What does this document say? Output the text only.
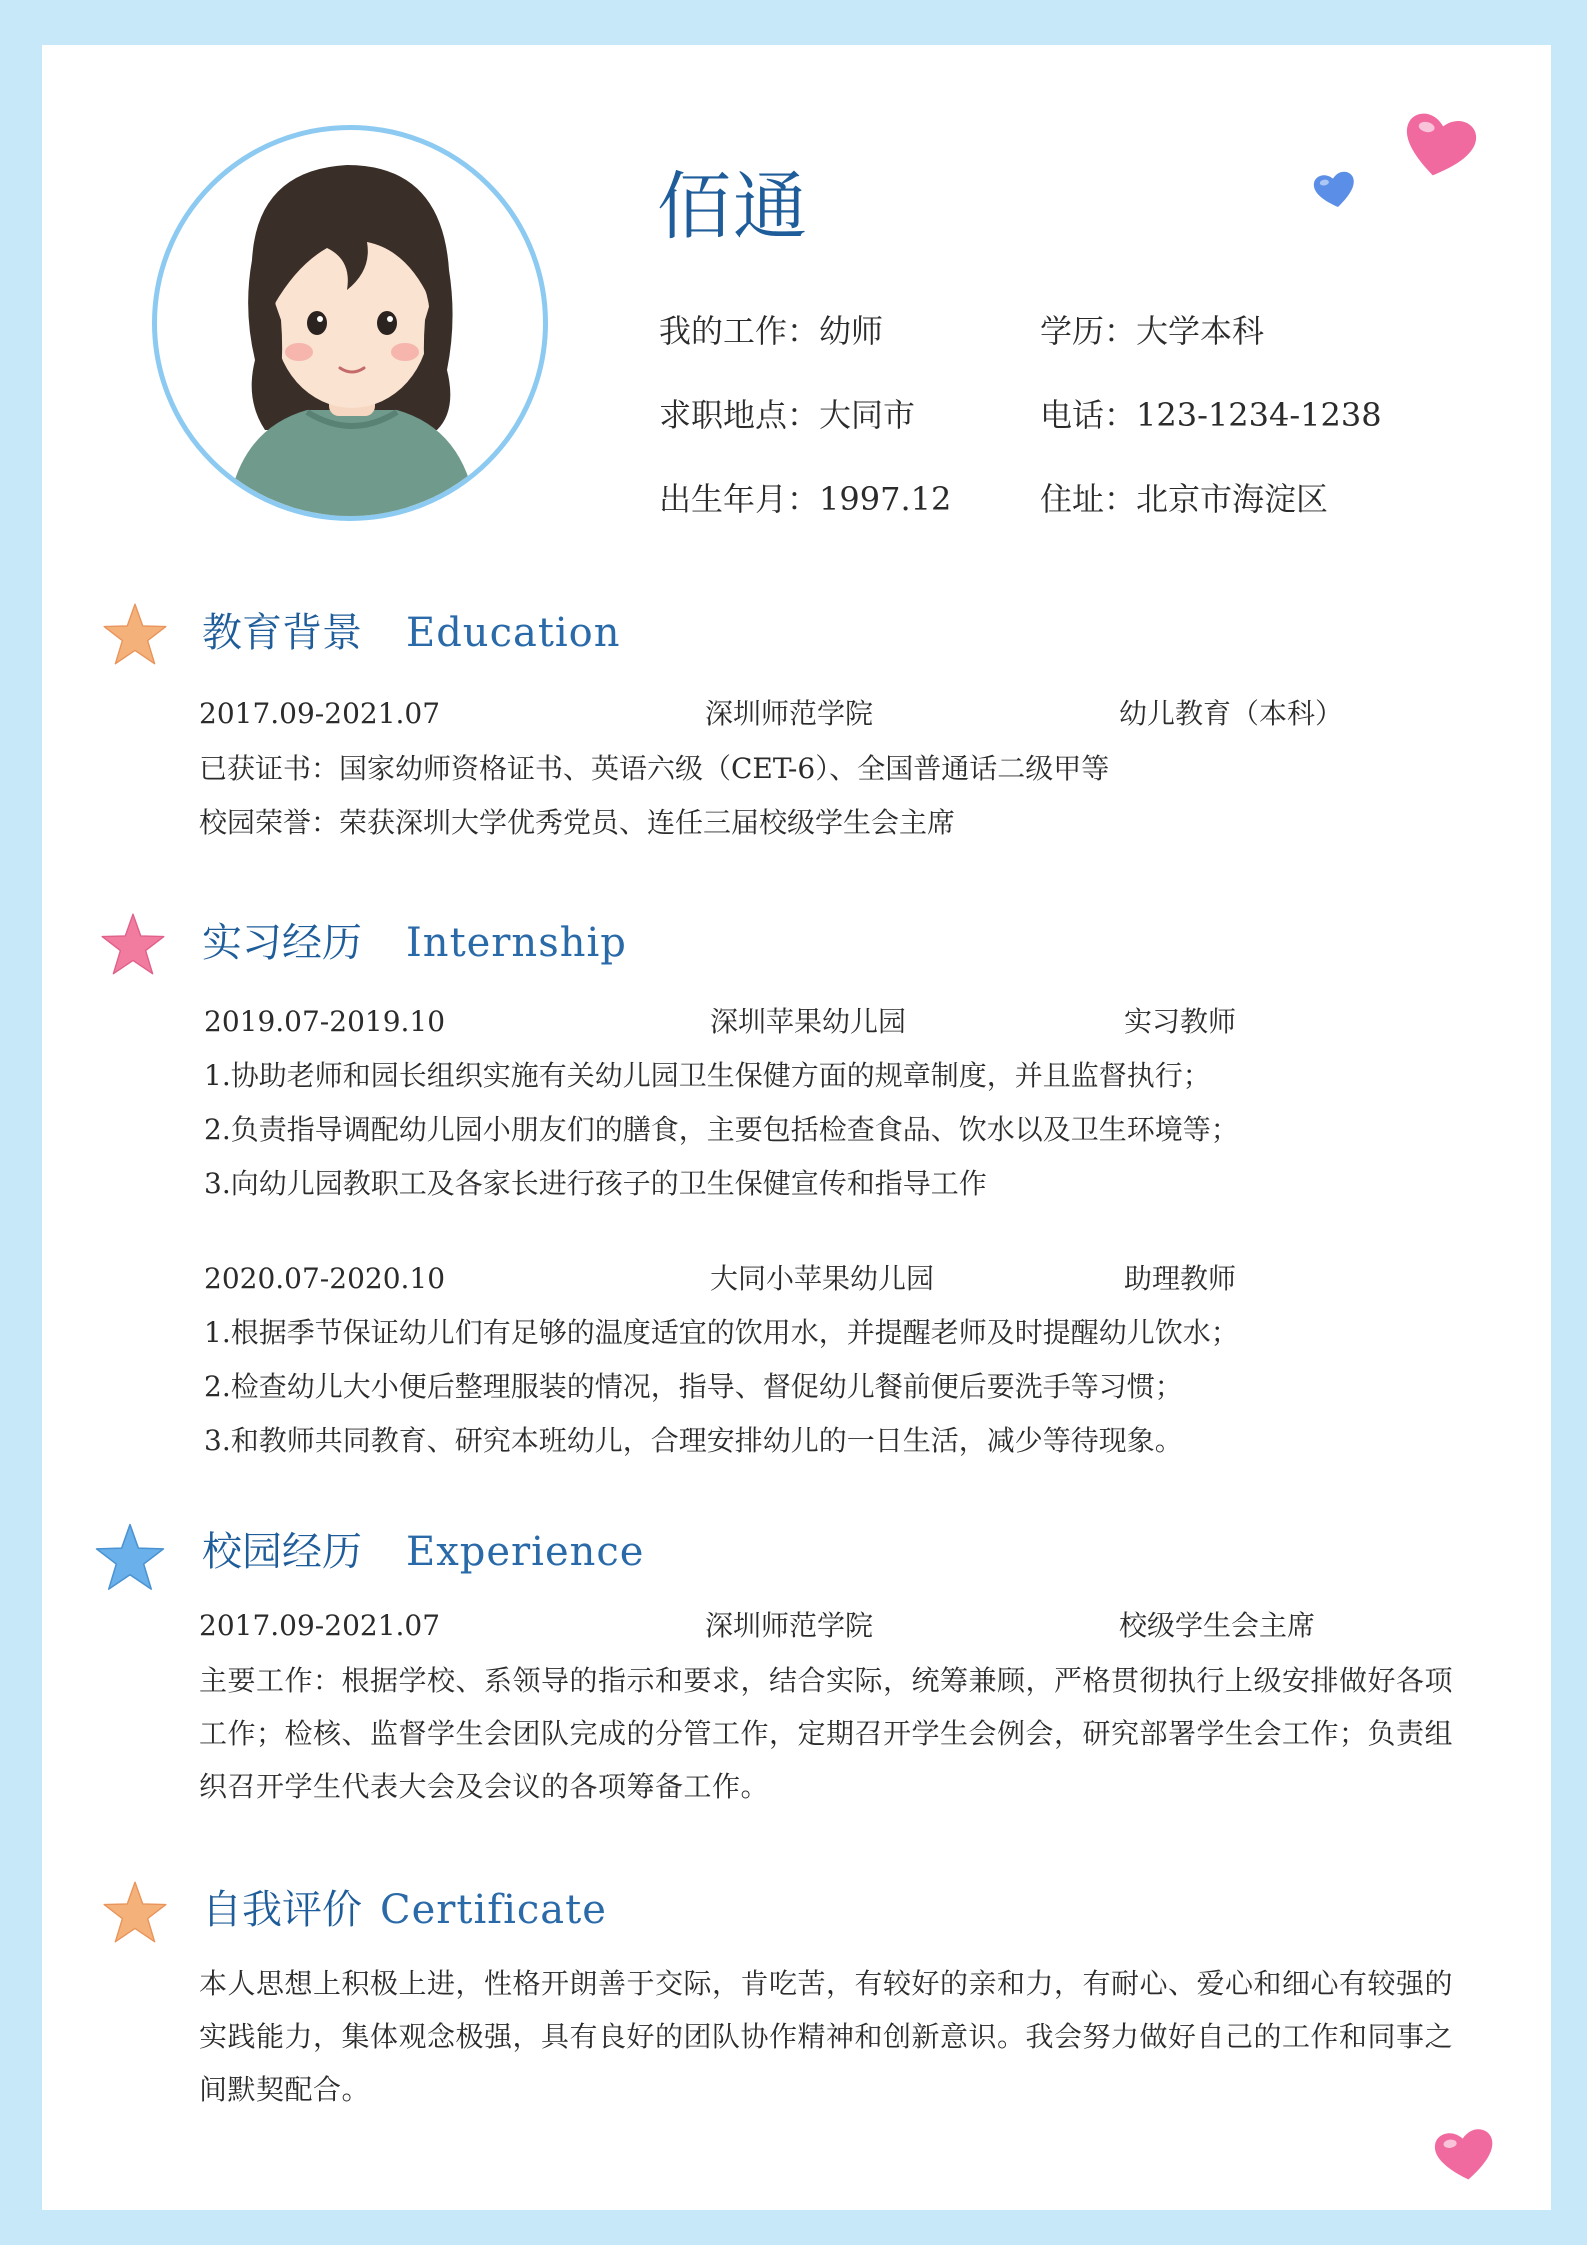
佰通
我的工作：幼师	学历：大学本科
求职地点：大同市	电话：123-1234-1238
出生年月：1997.12	住址：北京市海淀区
教育背景 Education
2017.09-2021.07	深圳师范学院	幼儿教育（本科）
已获证书：国家幼师资格证书、英语六级（CET-6）、全国普通话二级甲等
校园荣誉：荣获深圳大学优秀党员、连任三届校级学生会主席
实习经历 Internship
2019.07-2019.10	深圳苹果幼儿园	实习教师
1.协助老师和园长组织实施有关幼儿园卫生保健方面的规章制度，并且监督执行；
2.负责指导调配幼儿园小朋友们的膳食，主要包括检查食品、饮水以及卫生环境等；
3.向幼儿园教职工及各家长进行孩子的卫生保健宣传和指导工作
2020.07-2020.10	大同小苹果幼儿园	助理教师
1.根据季节保证幼儿们有足够的温度适宜的饮用水，并提醒老师及时提醒幼儿饮水；
2.检查幼儿大小便后整理服装的情况，指导、督促幼儿餐前便后要洗手等习惯；
3.和教师共同教育、研究本班幼儿，合理安排幼儿的一日生活，减少等待现象。
校园经历 Experience
2017.09-2021.07	深圳师范学院	校级学生会主席
主要工作：根据学校、系领导的指示和要求，结合实际，统筹兼顾，严格贯彻执行上级安排做好各项工作；检核、监督学生会团队完成的分管工作，定期召开学生会例会，研究部署学生会工作；负责组织召开学生代表大会及会议的各项筹备工作。
自我评价 Certificate
本人思想上积极上进，性格开朗善于交际，肯吃苦，有较好的亲和力，有耐心、爱心和细心有较强的实践能力，集体观念极强，具有良好的团队协作精神和创新意识。我会努力做好自己的工作和同事之间默契配合。
